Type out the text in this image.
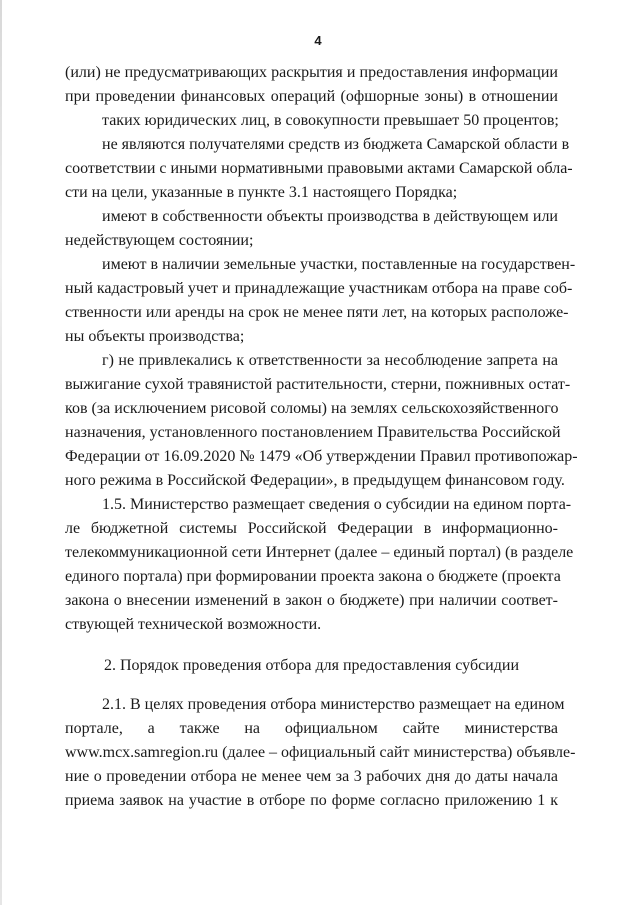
4
(или) не предусматривающих раскрытия и предоставления информации
при проведении финансовых операций (офшорные зоны) в отношении
таких юридических лиц, в совокупности превышает 50 процентов;
не являются получателями средств из бюджета Самарской области в
соответствии с иными нормативными правовыми актами Самарской обла-
сти на цели, указанные в пункте 3.1 настоящего Порядка;
имеют в собственности объекты производства в действующем или
недействующем состоянии;
имеют в наличии земельные участки, поставленные на государствен-
ный кадастровый учет и принадлежащие участникам отбора на праве соб-
ственности или аренды на срок не менее пяти лет, на которых расположе-
ны объекты производства;
г) не привлекались к ответственности за несоблюдение запрета на
выжигание сухой травянистой растительности, стерни, пожнивных остат-
ков (за исключением рисовой соломы) на землях сельскохозяйственного
назначения, установленного постановлением Правительства Российской
Федерации от 16.09.2020 № 1479 «Об утверждении Правил противопожар-
ного режима в Российской Федерации», в предыдущем финансовом году.
1.5. Министерство размещает сведения о субсидии на едином порта-
ле бюджетной системы Российской Федерации в информационно-
телекоммуникационной сети Интернет (далее – единый портал) (в разделе
единого портала) при формировании проекта закона о бюджете (проекта
закона о внесении изменений в закон о бюджете) при наличии соответ-
ствующей технической возможности.
2. Порядок проведения отбора для предоставления субсидии
2.1. В целях проведения отбора министерство размещает на едином
портале, а также на официальном сайте министерства
www.mcx.samregion.ru (далее – официальный сайт министерства) объявле-
ние о проведении отбора не менее чем за 3 рабочих дня до даты начала
приема заявок на участие в отборе по форме согласно приложению 1 к
